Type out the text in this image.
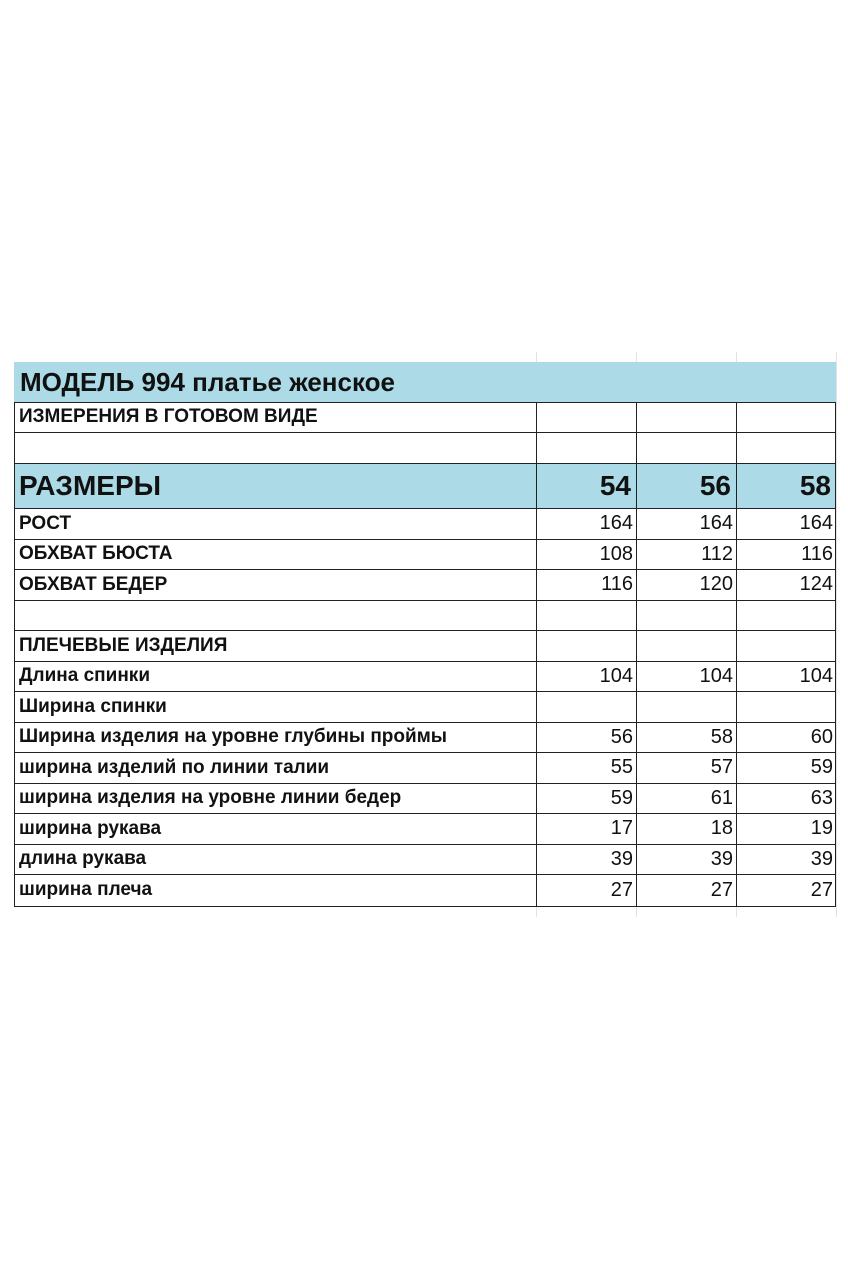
МОДЕЛЬ 994 платье женское
ИЗМЕРЕНИЯ В ГОТОВОМ ВИДЕ
РАЗМЕРЫ	54	56	58
РОСТ	164	164	164
ОБХВАТ БЮСТА	108	112	116
ОБХВАТ БЕДЕР	116	120	124
ПЛЕЧЕВЫЕ ИЗДЕЛИЯ
Длина спинки	104	104	104
Ширина спинки
Ширина изделия на уровне глубины проймы	56	58	60
ширина изделий по линии талии	55	57	59
ширина изделия на уровне линии бедер	59	61	63
ширина рукава	17	18	19
длина рукава	39	39	39
ширина плеча	27	27	27
